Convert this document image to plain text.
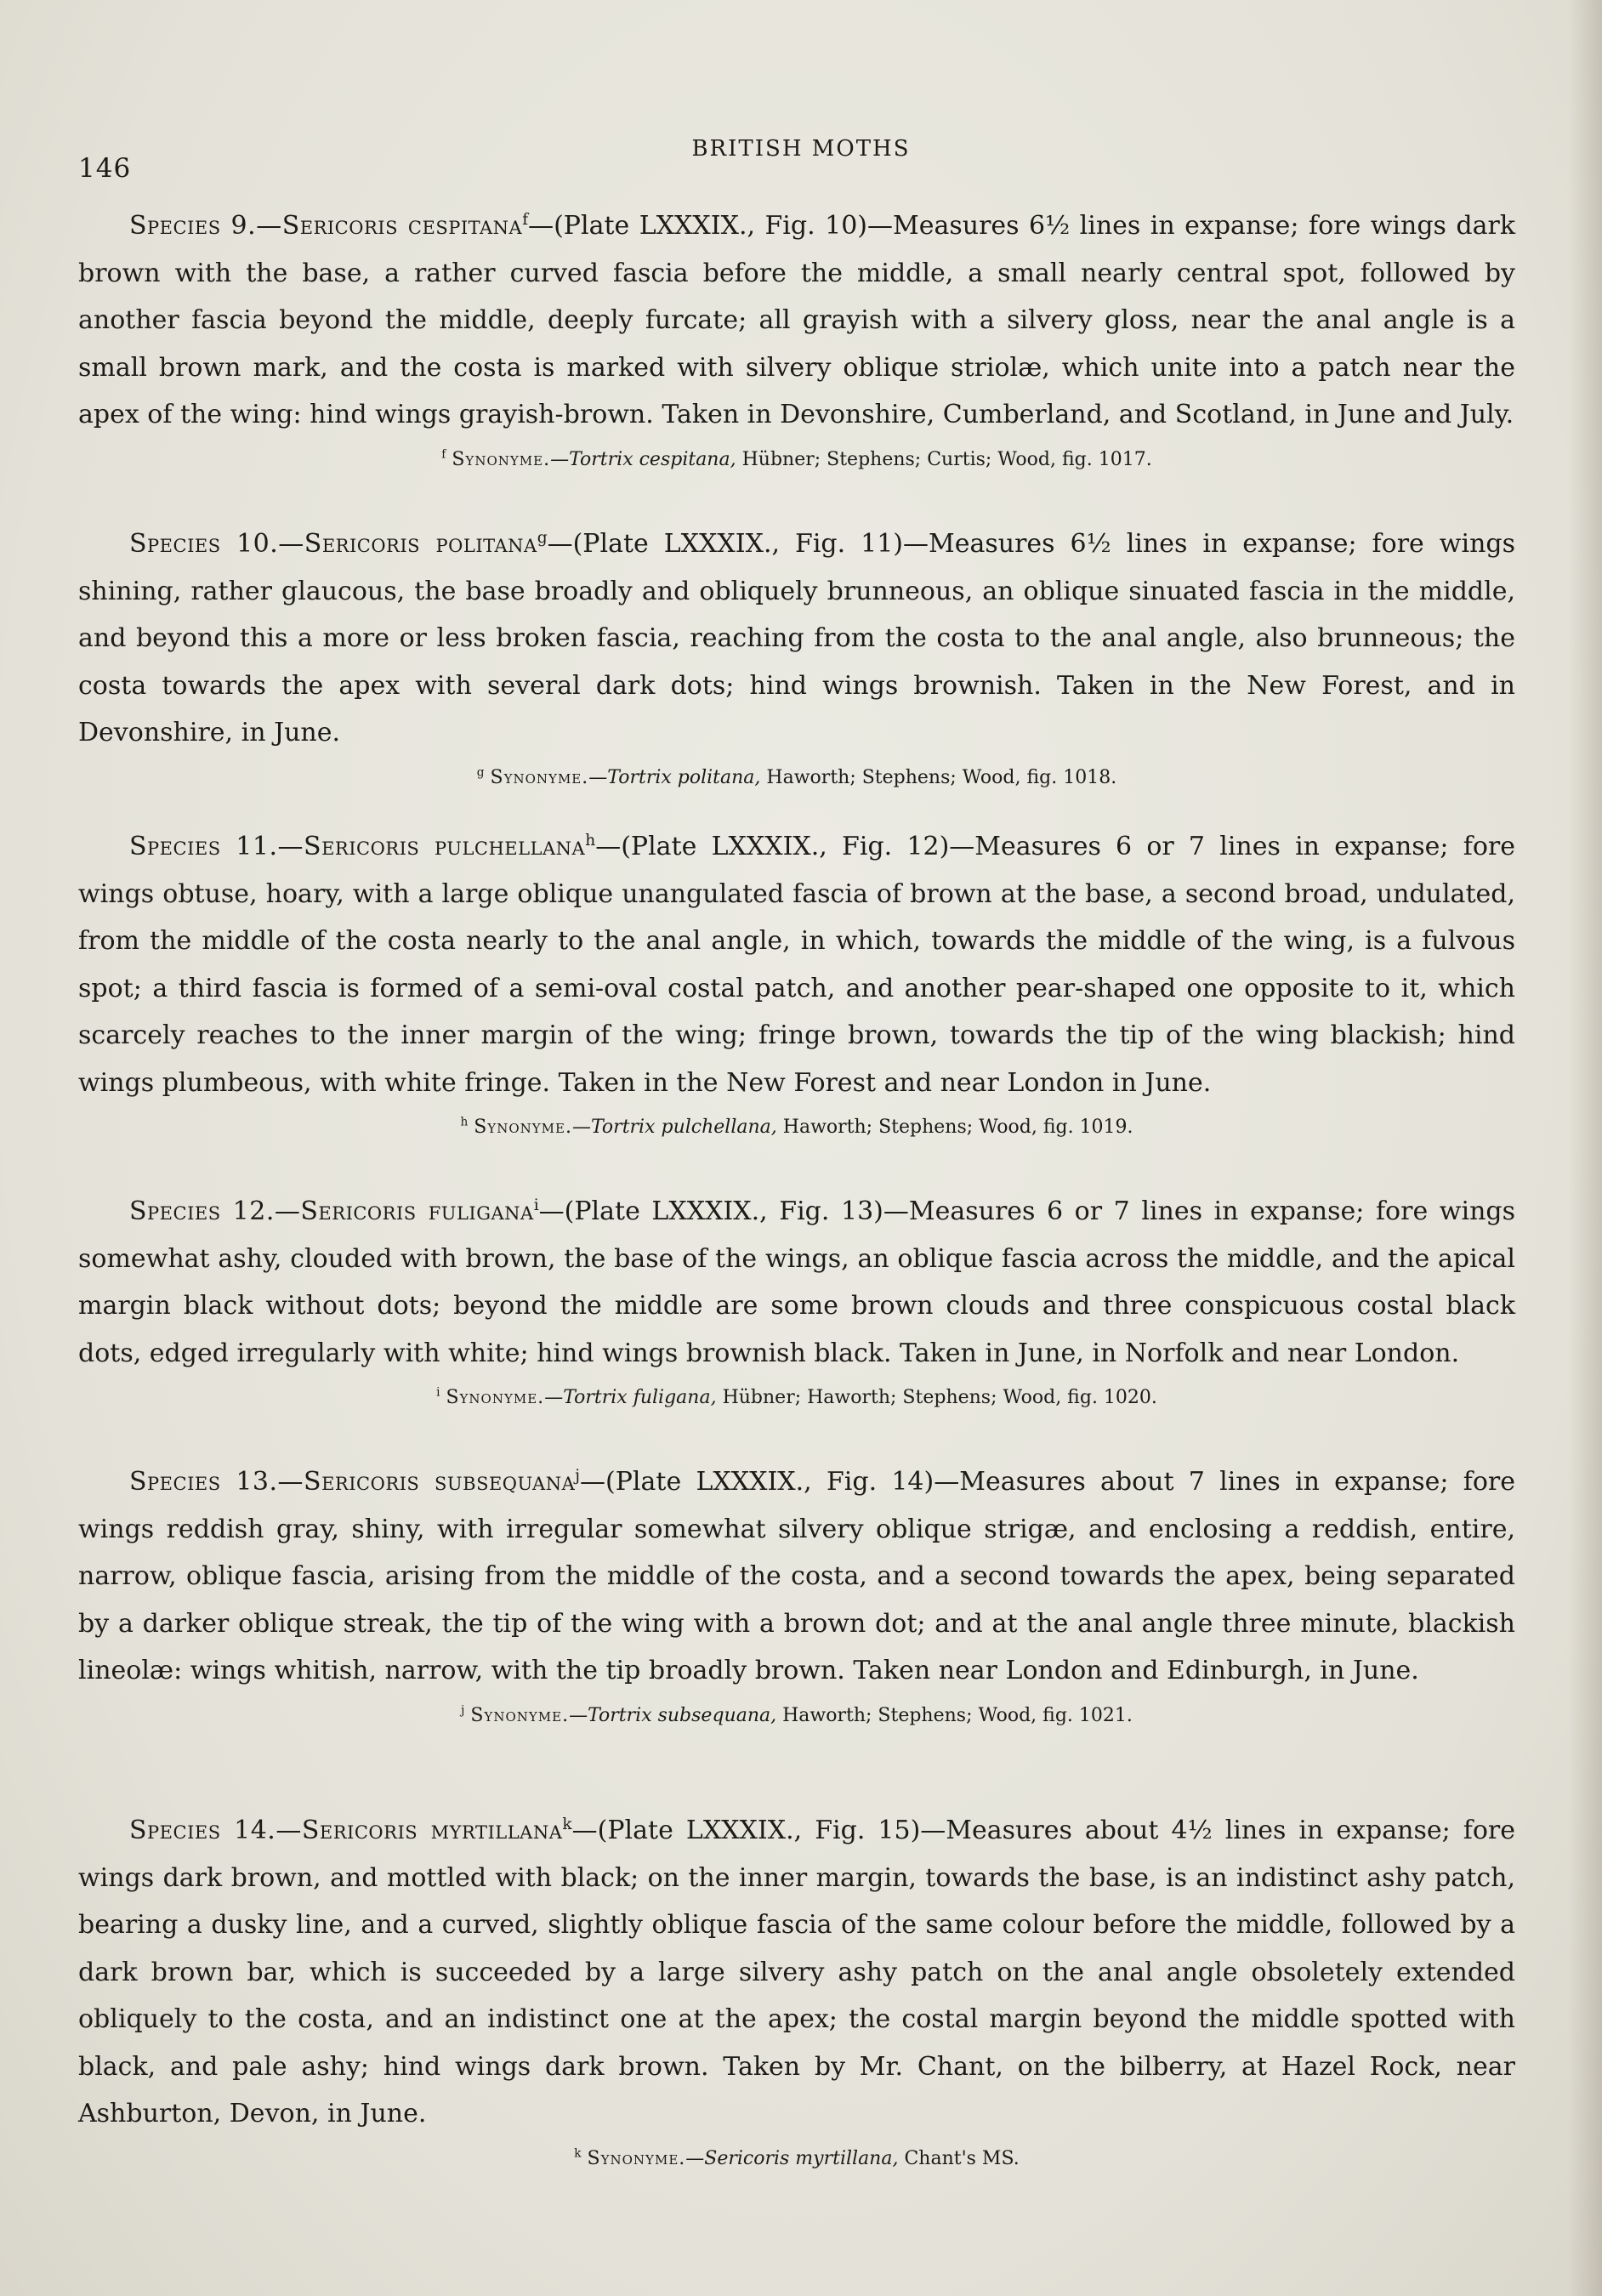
146
BRITISH MOTHS

Species 9.—Sericoris cespitana$^f$—(Plate LXXXIX., Fig. 10)—Measures 6½ lines in expanse; fore wings dark brown with the base, a rather curved fascia before the middle, a small nearly central spot, followed by another fascia beyond the middle, deeply furcate; all grayish with a silvery gloss, near the anal angle is a small brown mark, and the costa is marked with silvery oblique striolæ, which unite into a patch near the apex of the wing: hind wings grayish-brown. Taken in Devonshire, Cumberland, and Scotland, in June and July.

$^f$ Synonyme.—Tortrix cespitana, Hübner; Stephens; Curtis; Wood, fig. 1017.

Species 10.—Sericoris politana$^g$—(Plate LXXXIX., Fig. 11)—Measures 6½ lines in expanse; fore wings shining, rather glaucous, the base broadly and obliquely brunneous, an oblique sinuated fascia in the middle, and beyond this a more or less broken fascia, reaching from the costa to the anal angle, also brunneous; the costa towards the apex with several dark dots; hind wings brownish. Taken in the New Forest, and in Devonshire, in June.

$^g$ Synonyme.—Tortrix politana, Haworth; Stephens; Wood, fig. 1018.

Species 11.—Sericoris pulchellana$^h$—(Plate LXXXIX., Fig. 12)—Measures 6 or 7 lines in expanse; fore wings obtuse, hoary, with a large oblique unangulated fascia of brown at the base, a second broad, undulated, from the middle of the costa nearly to the anal angle, in which, towards the middle of the wing, is a fulvous spot; a third fascia is formed of a semi-oval costal patch, and another pear-shaped one opposite to it, which scarcely reaches to the inner margin of the wing; fringe brown, towards the tip of the wing blackish; hind wings plumbeous, with white fringe. Taken in the New Forest and near London in June.

$^h$ Synonyme.—Tortrix pulchellana, Haworth; Stephens; Wood, fig. 1019.

Species 12.—Sericoris fuligana$^i$—(Plate LXXXIX., Fig. 13)—Measures 6 or 7 lines in expanse; fore wings somewhat ashy, clouded with brown, the base of the wings, an oblique fascia across the middle, and the apical margin black without dots; beyond the middle are some brown clouds and three conspicuous costal black dots, edged irregularly with white; hind wings brownish black. Taken in June, in Norfolk and near London.

$^i$ Synonyme.—Tortrix fuligana, Hübner; Haworth; Stephens; Wood, fig. 1020.

Species 13.—Sericoris subsequana$^j$—(Plate LXXXIX., Fig. 14)—Measures about 7 lines in expanse; fore wings reddish gray, shiny, with irregular somewhat silvery oblique strigæ, and enclosing a reddish, entire, narrow, oblique fascia, arising from the middle of the costa, and a second towards the apex, being separated by a darker oblique streak, the tip of the wing with a brown dot; and at the anal angle three minute, blackish lineolæ: wings whitish, narrow, with the tip broadly brown. Taken near London and Edinburgh, in June.

$^j$ Synonyme.—Tortrix subsequana, Haworth; Stephens; Wood, fig. 1021.

Species 14.—Sericoris myrtillana$^k$—(Plate LXXXIX., Fig. 15)—Measures about 4½ lines in expanse; fore wings dark brown, and mottled with black; on the inner margin, towards the base, is an indistinct ashy patch, bearing a dusky line, and a curved, slightly oblique fascia of the same colour before the middle, followed by a dark brown bar, which is succeeded by a large silvery ashy patch on the anal angle obsoletely extended obliquely to the costa, and an indistinct one at the apex; the costal margin beyond the middle spotted with black, and pale ashy; hind wings dark brown. Taken by Mr. Chant, on the bilberry, at Hazel Rock, near Ashburton, Devon, in June.

$^k$ Synonyme.—Sericoris myrtillana, Chant's MS.
